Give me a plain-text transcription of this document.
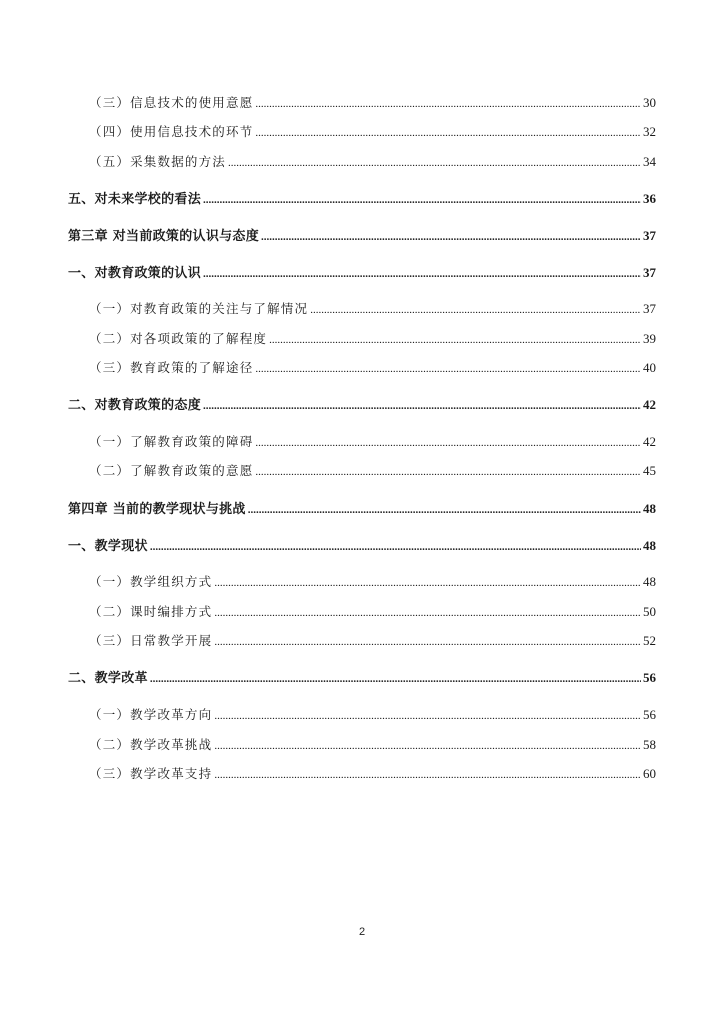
（三）信息技术的使用意愿 .....	30
（四）使用信息技术的环节 .....	32
（五）采集数据的方法 .....	34
五、对未来学校的看法 .....	36
第三章 对当前政策的认识与态度 .....	37
一、对教育政策的认识 .....	37
（一）对教育政策的关注与了解情况 .....	37
（二）对各项政策的了解程度 .....	39
（三）教育政策的了解途径 .....	40
二、对教育政策的态度 .....	42
（一）了解教育政策的障碍 .....	42
（二）了解教育政策的意愿 .....	45
第四章 当前的教学现状与挑战 .....	48
一、教学现状 .....	48
（一）教学组织方式 .....	48
（二）课时编排方式 .....	50
（三）日常教学开展 .....	52
二、教学改革 .....	56
（一）教学改革方向 .....	56
（二）教学改革挑战 .....	58
（三）教学改革支持 .....	60
2
